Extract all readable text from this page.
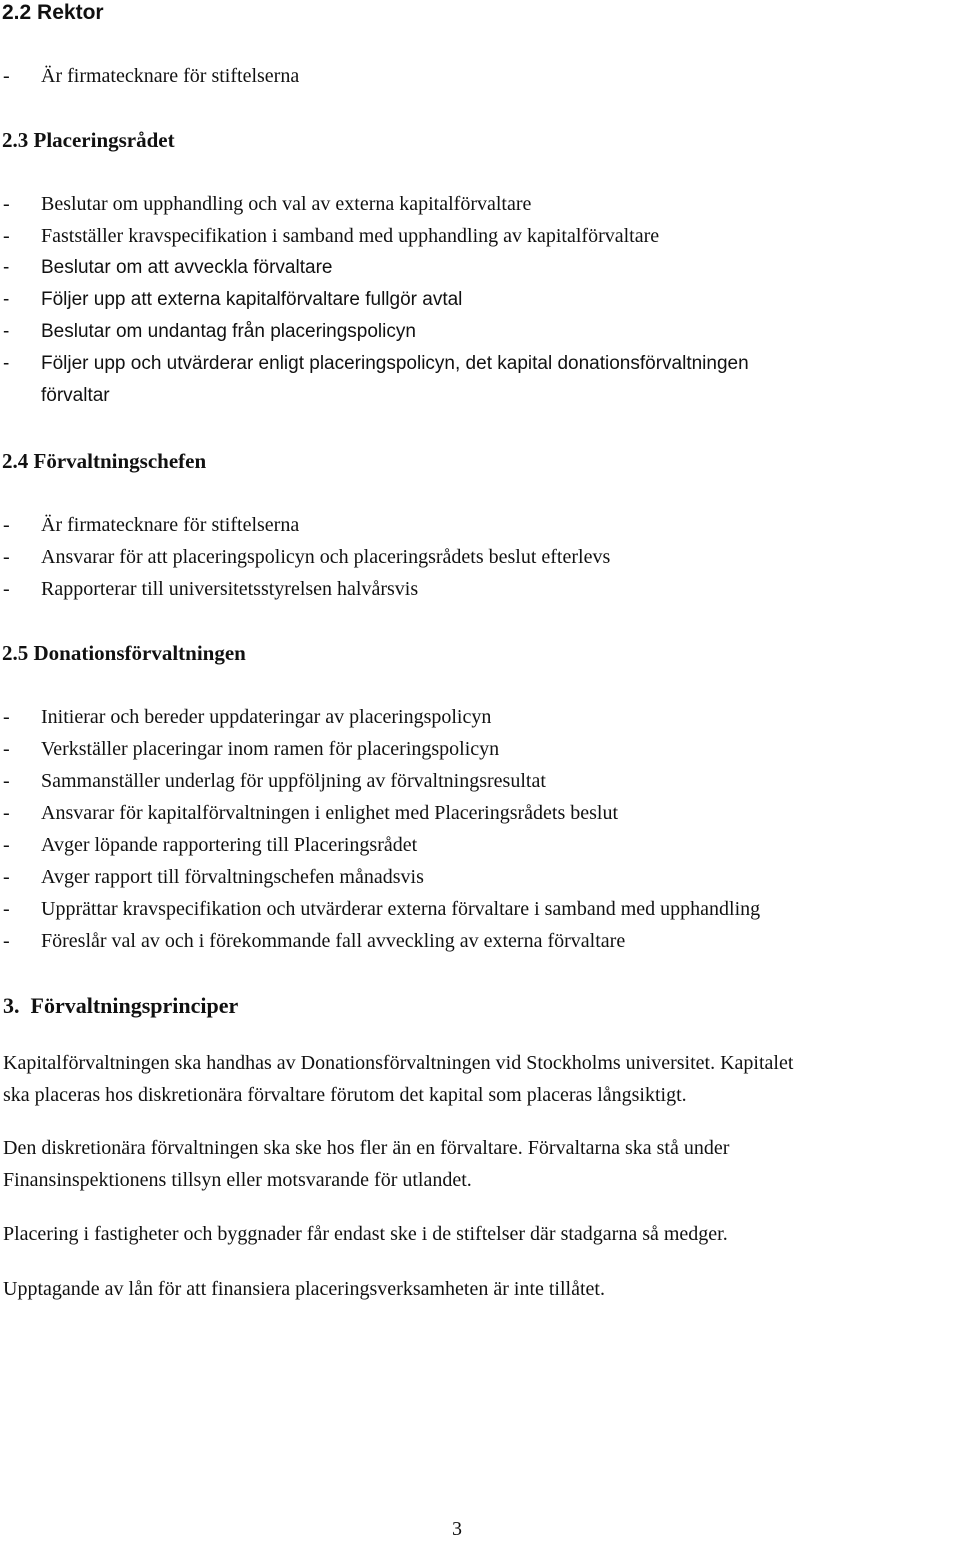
2.2 Rektor
- Är firmatecknare för stiftelserna
2.3 Placeringsrådet
- Beslutar om upphandling och val av externa kapitalförvaltare
- Fastställer kravspecifikation i samband med upphandling av kapitalförvaltare
- Beslutar om att avveckla förvaltare
- Följer upp att externa kapitalförvaltare fullgör avtal
- Beslutar om undantag från placeringspolicyn
- Följer upp och utvärderar enligt placeringspolicyn, det kapital donationsförvaltningen
förvaltar
2.4 Förvaltningschefen
- Är firmatecknare för stiftelserna
- Ansvarar för att placeringspolicyn och placeringsrådets beslut efterlevs
- Rapporterar till universitetsstyrelsen halvårsvis
2.5 Donationsförvaltningen
- Initierar och bereder uppdateringar av placeringspolicyn
- Verkställer placeringar inom ramen för placeringspolicyn
- Sammanställer underlag för uppföljning av förvaltningsresultat
- Ansvarar för kapitalförvaltningen i enlighet med Placeringsrådets beslut
- Avger löpande rapportering till Placeringsrådet
- Avger rapport till förvaltningschefen månadsvis
- Upprättar kravspecifikation och utvärderar externa förvaltare i samband med upphandling
- Föreslår val av och i förekommande fall avveckling av externa förvaltare
3. Förvaltningsprinciper
Kapitalförvaltningen ska handhas av Donationsförvaltningen vid Stockholms universitet. Kapitalet
ska placeras hos diskretionära förvaltare förutom det kapital som placeras långsiktigt.
Den diskretionära förvaltningen ska ske hos fler än en förvaltare. Förvaltarna ska stå under
Finansinspektionens tillsyn eller motsvarande för utlandet.
Placering i fastigheter och byggnader får endast ske i de stiftelser där stadgarna så medger.
Upptagande av lån för att finansiera placeringsverksamheten är inte tillåtet.
3
